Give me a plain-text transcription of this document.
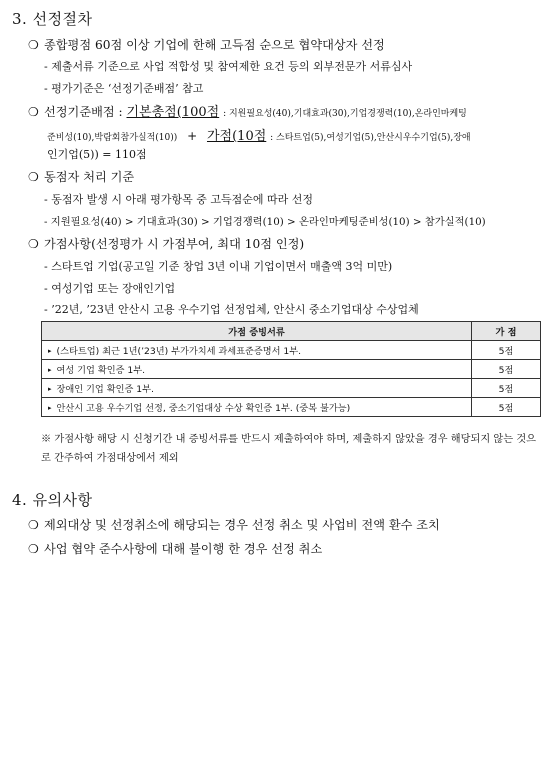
3. 선정절차
❍ 종합평점 60점 이상 기업에 한해 고득점 순으로 협약대상자 선정
- 제출서류 기준으로 사업 적합성 및 참여제한 요건 등의 외부전문가 서류심사
- 평가기준은 ‘선정기준배점’ 참고
❍ 선정기준배점 : 기본총점(100점 : 지원필요성(40),기대효과(30),기업경쟁력(10),온라인마케팅
준비성(10),박람회참가실적(10)) + 가점(10점 : 스타트업(5),여성기업(5),안산시우수기업(5),장애
인기업(5)) = 110점
❍ 동점자 처리 기준
- 동점자 발생 시 아래 평가항목 중 고득점순에 따라 선정
- 지원필요성(40) > 기대효과(30) > 기업경쟁력(10) > 온라인마케팅준비성(10) > 참가실적(10)
❍ 가점사항(선정평가 시 가점부여, 최대 10점 인정)
- 스타트업 기업(공고일 기준 창업 3년 이내 기업이면서 매출액 3억 미만)
- 여성기업 또는 장애인기업
- ’22년, ’23년 안산시 고용 우수기업 선정업체, 안산시 중소기업대상 수상업체
가점 증빙서류	가 점
▸ (스타트업) 최근 1년(’23년) 부가가치세 과세표준증명서 1부.	5점
▸ 여성 기업 확인증 1부.	5점
▸ 장애인 기업 확인증 1부.	5점
▸ 안산시 고용 우수기업 선정, 중소기업대상 수상 확인증 1부. (중복 불가능)	5점
※ 가점사항 해당 시 신청기간 내 증빙서류를 반드시 제출하여야 하며, 제출하지 않았을 경우 해당되지 않는 것으로 간주하여 가점대상에서 제외
4. 유의사항
❍ 제외대상 및 선정취소에 해당되는 경우 선정 취소 및 사업비 전액 환수 조치
❍ 사업 협약 준수사항에 대해 불이행 한 경우 선정 취소
